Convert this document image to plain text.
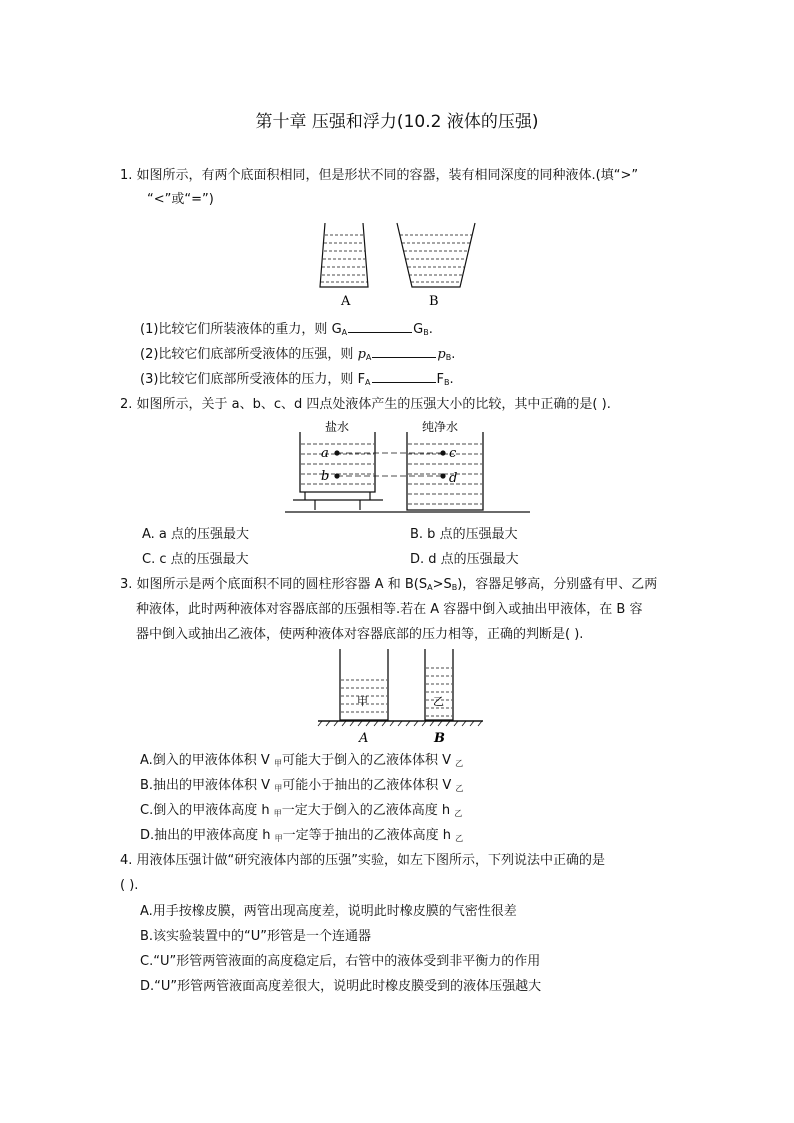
第十章 压强和浮力(10.2 液体的压强)
1. 如图所示，有两个底面积相同，但是形状不同的容器，装有相同深度的同种液体.(填“>”
“<”或“=”)
A	B
(1)比较它们所装液体的重力，则 $G_A$	$G_B$.
(2)比较它们底部所受液体的压强，则 $p_A$	$p_B$.
(3)比较它们底部所受液体的压力，则 $F_A$	$F_B$.
2. 如图所示，关于 a、b、c、d 四点处液体产生的压强大小的比较，其中正确的是( ).
a
b
c
d
盐水	纯净水
A. a 点的压强最大	B. b 点的压强最大
C. c 点的压强最大	D. d 点的压强最大
3. 如图所示是两个底面积不同的圆柱形容器 A 和 $B(S_A>S_B)$，容器足够高，分别盛有甲、乙两
种液体，此时两种液体对容器底部的压强相等.若在 A 容器中倒入或抽出甲液体，在 B 容
器中倒入或抽出乙液体，使两种液体对容器底部的压力相等，正确的判断是( ).
甲	乙
A	B
A.倒入的甲液体体积 V $_甲$可能大于倒入的乙液体体积 V $_乙$
B.抽出的甲液体体积 V $_甲$可能小于抽出的乙液体体积 V $_乙$
C.倒入的甲液体高度 h $_甲$一定大于倒入的乙液体高度 h $_乙$
D.抽出的甲液体高度 h $_甲$一定等于抽出的乙液体高度 h $_乙$
4. 用液体压强计做“研究液体内部的压强”实验，如左下图所示，下列说法中正确的是
( ).
A.用手按橡皮膜，两管出现高度差，说明此时橡皮膜的气密性很差
B.该实验装置中的“U”形管是一个连通器
C.“U”形管两管液面的高度稳定后，右管中的液体受到非平衡力的作用
D.“U”形管两管液面高度差很大，说明此时橡皮膜受到的液体压强越大
